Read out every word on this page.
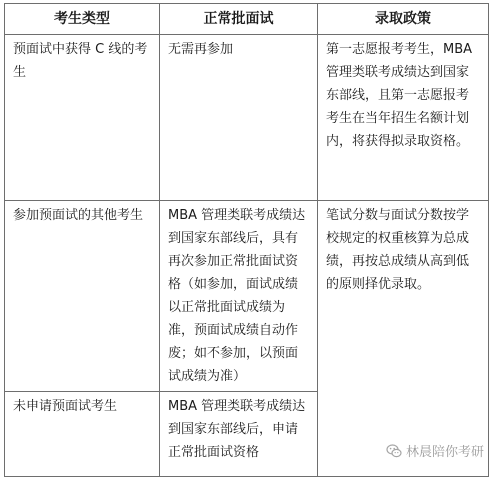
考生类型	正常批面试	录取政策
预面试中获得 C 线的考生	无需再参加	第一志愿报考考生，MBA 管理类联考成绩达到国家东部线，且第一志愿报考考生在当年招生名额计划内，将获得拟录取资格。
参加预面试的其他考生	MBA 管理类联考成绩达到国家东部线后，具有再次参加正常批面试资格（如参加，面试成绩以正常批面试成绩为准，预面试成绩自动作废；如不参加，以预面试成绩为准）	笔试分数与面试分数按学校规定的权重核算为总成绩，再按总成绩从高到低的原则择优录取。
未申请预面试考生	MBA 管理类联考成绩达到国家东部线后，申请正常批面试资格		林晨陪你考研
